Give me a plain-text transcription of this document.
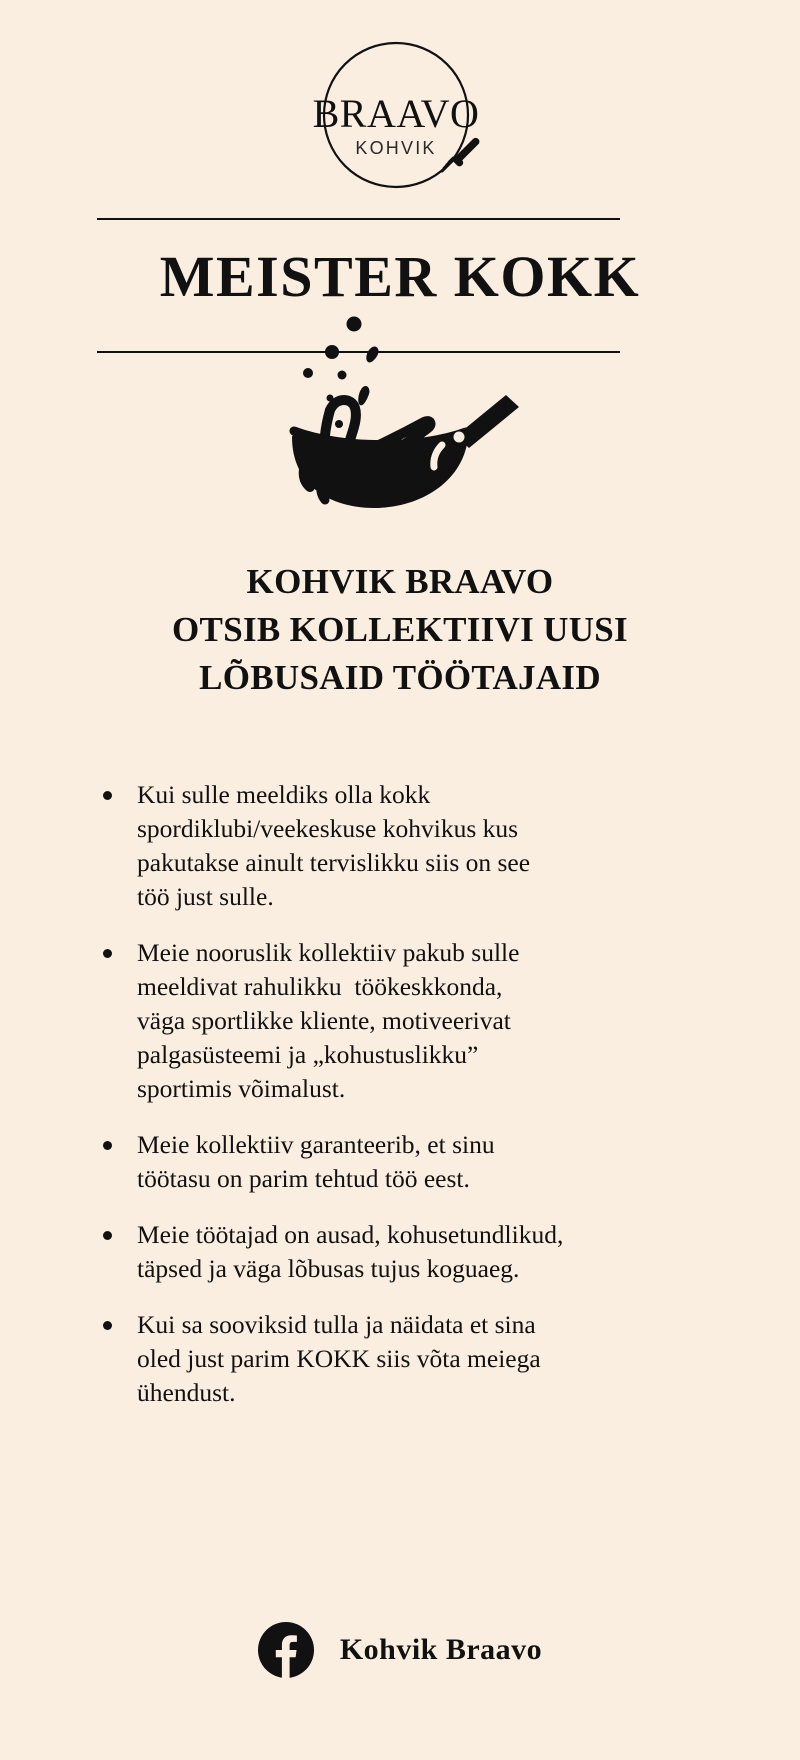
BRAAVO
KOHVIK
MEISTER KOKK
KOHVIK BRAAVO
OTSIB KOLLEKTIIVI UUSI
LÕBUSAID TÖÖTAJAID
Kui sulle meeldiks olla kokk
spordiklubi/veekeskuse kohvikus kus
pakutakse ainult tervislikku siis on see
töö just sulle.
Meie nooruslik kollektiiv pakub sulle
meeldivat rahulikku  töökeskkonda,
väga sportlikke kliente, motiveerivat
palgasüsteemi ja „kohustuslikku”
sportimis võimalust.
Meie kollektiiv garanteerib, et sinu
töötasu on parim tehtud töö eest.
Meie töötajad on ausad, kohusetundlikud,
täpsed ja väga lõbusas tujus koguaeg.
Kui sa sooviksid tulla ja näidata et sina
oled just parim KOKK siis võta meiega
ühendust.
Kohvik Braavo
